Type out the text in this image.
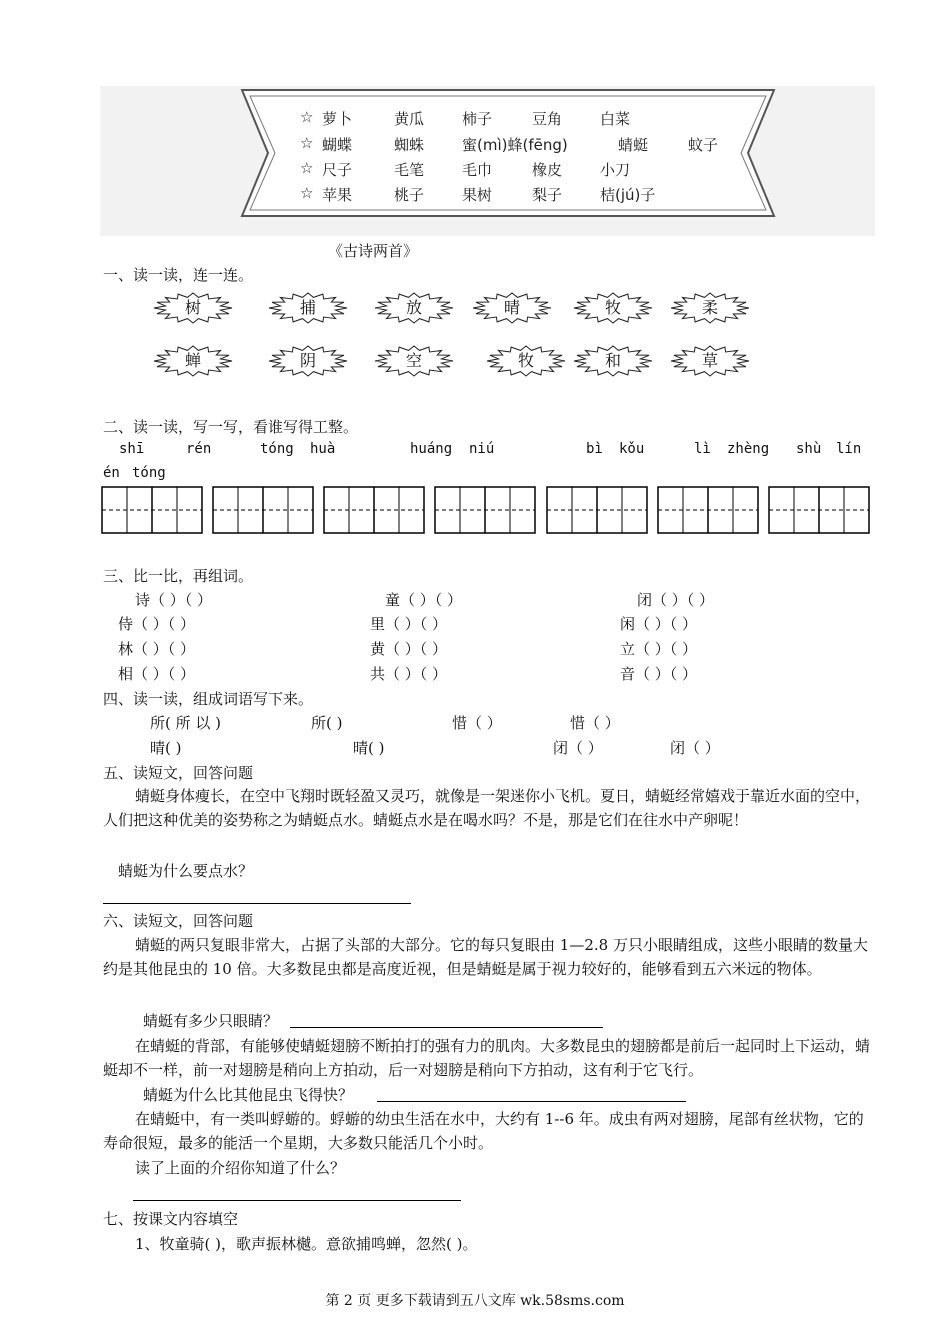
☆ 萝卜	黄瓜	柿子	豆角	白菜
☆ 蝴蝶	蜘蛛	蜜(mì)蜂(fēng)	蜻蜓	蚊子
☆ 尺子	毛笔	毛巾	橡皮	小刀
☆ 苹果	桃子	果树	梨子	桔(jú)子
《古诗两首》
一、读一读，连一连。
树	捕	放	晴	牧	柔
蝉	阴	空	牧	和	草
二、读一读，写一写，看谁写得工整。
shī	rén	tóng huà	huáng niú	bì kǒu	lì zhèng shù lín
én tóng
三、比一比，再组词。
诗（ ）（ ）	童（ ）（ ）	闭（ ）（ ）
侍（ ）（ ）	里（ ）（ ）	闲（ ）（ ）
林（ ）（ ）	黄（ ）（ ）	立（ ）（ ）
相（ ）（ ）	共（ ）（ ）	音（ ）（ ）
四、读一读，组成词语写下来。
所( 所 以 )	所( )	惜（ ）	惜（ ）
晴( )	晴( )	闭（ ）	闭（ ）
五、读短文，回答问题
蜻蜓身体瘦长，在空中飞翔时既轻盈又灵巧，就像是一架迷你小飞机。夏日，蜻蜓经常嬉戏于靠近水面的空中，人们把这种优美的姿势称之为蜻蜓点水。蜻蜓点水是在喝水吗？不是，那是它们在往水中产卵呢！
蜻蜓为什么要点水？
六、读短文，回答问题
蜻蜓的两只复眼非常大，占据了头部的大部分。它的每只复眼由 1—2.8 万只小眼睛组成，这些小眼睛的数量大约是其他昆虫的 10 倍。大多数昆虫都是高度近视，但是蜻蜓是属于视力较好的，能够看到五六米远的物体。
蜻蜓有多少只眼睛？
在蜻蜓的背部，有能够使蜻蜓翅膀不断拍打的强有力的肌肉。大多数昆虫的翅膀都是前后一起同时上下运动，蜻蜓却不一样，前一对翅膀是稍向上方拍动，后一对翅膀是稍向下方拍动，这有利于它飞行。
蜻蜓为什么比其他昆虫飞得快？
在蜻蜓中，有一类叫蜉蝣的。蜉蝣的幼虫生活在水中，大约有 1--6 年。成虫有两对翅膀，尾部有丝状物，它的寿命很短，最多的能活一个星期，大多数只能活几个小时。
读了上面的介绍你知道了什么？
七、按课文内容填空
1、牧童骑( )，歌声振林樾。意欲捕鸣蝉，忽然( )。
第 2 页 更多下载请到五八文库 wk.58sms.com
